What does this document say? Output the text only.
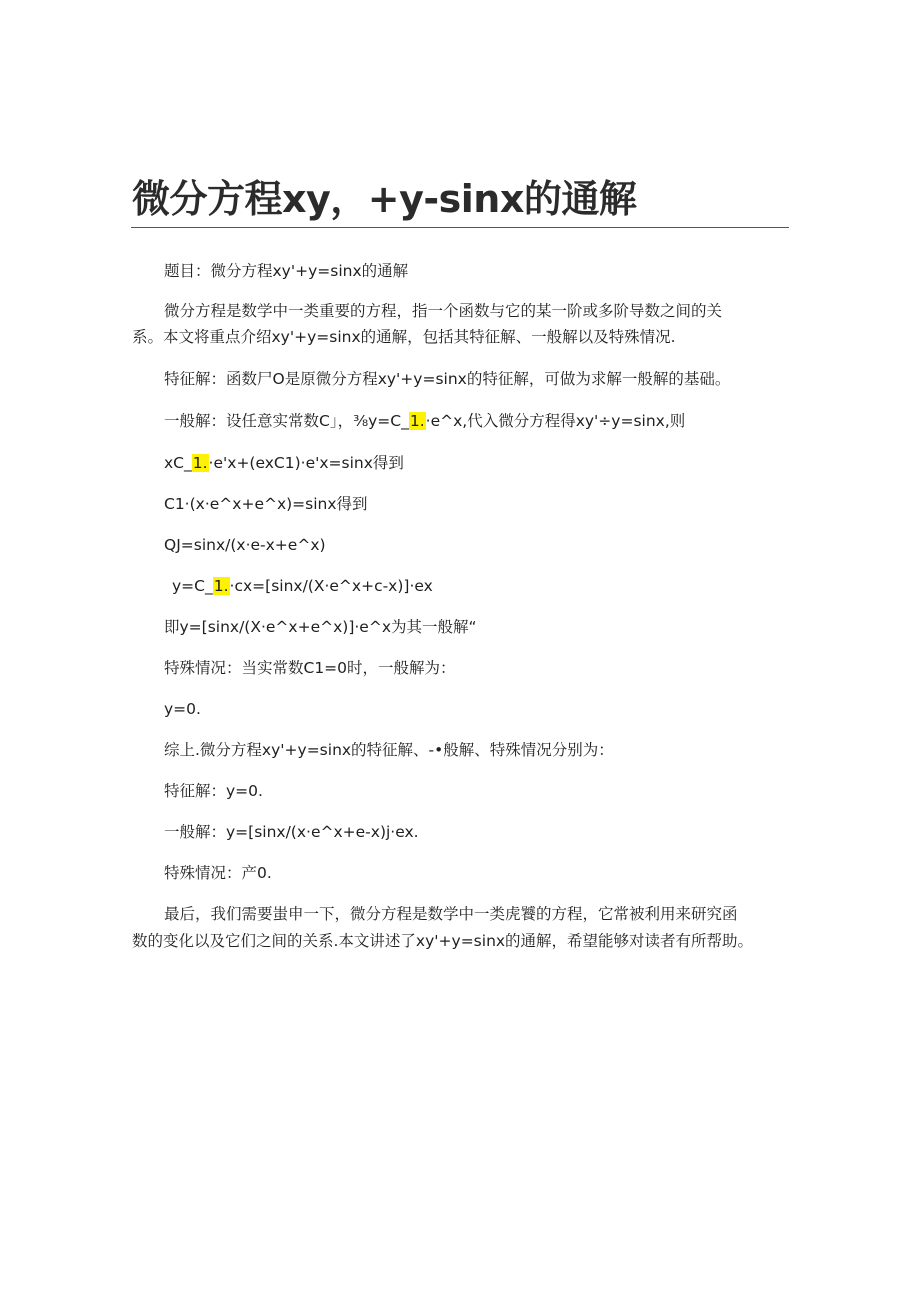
微分方程xy，+y-sinx的通解
题目：微分方程xy'+y=sinx的通解
微分方程是数学中一类重要的方程，指一个函数与它的某一阶或多阶导数之间的关
系。本文将重点介绍xy'+y=sinx的通解，包括其特征解、一般解以及特殊情况.
特征解：函数尸O是原微分方程xy'+y=sinx的特征解，可做为求解一般解的基础。
一般解：设任意实常数C」，⅜y=C_1.·e^x,代入微分方程得xy'÷y=sinx,则
xC_1.·e'x+(exC1)·e'x=sinx得到
C1·(x·e^x+e^x)=sinx得到
QJ=sinx/(x·e-x+e^x)
y=C_1.·cx=[sinx/(X·e^x+c-x)]·ex
即y=[sinx/(X·e^x+e^x)]·e^x为其一般解“
特殊情况：当实常数C1=0时，一般解为：
y=0.
综上.微分方程xy'+y=sinx的特征解、-•般解、特殊情况分别为：
特征解：y=0.
一般解：y=[sinx/(x·e^x+e-x)j·ex.
特殊情况：产0.
最后，我们需要蚩申一下，微分方程是数学中一类虎饕的方程，它常被利用来研究函
数的变化以及它们之间的关系.本文讲述了xy'+y=sinx的通解，希望能够对读者有所帮助。
